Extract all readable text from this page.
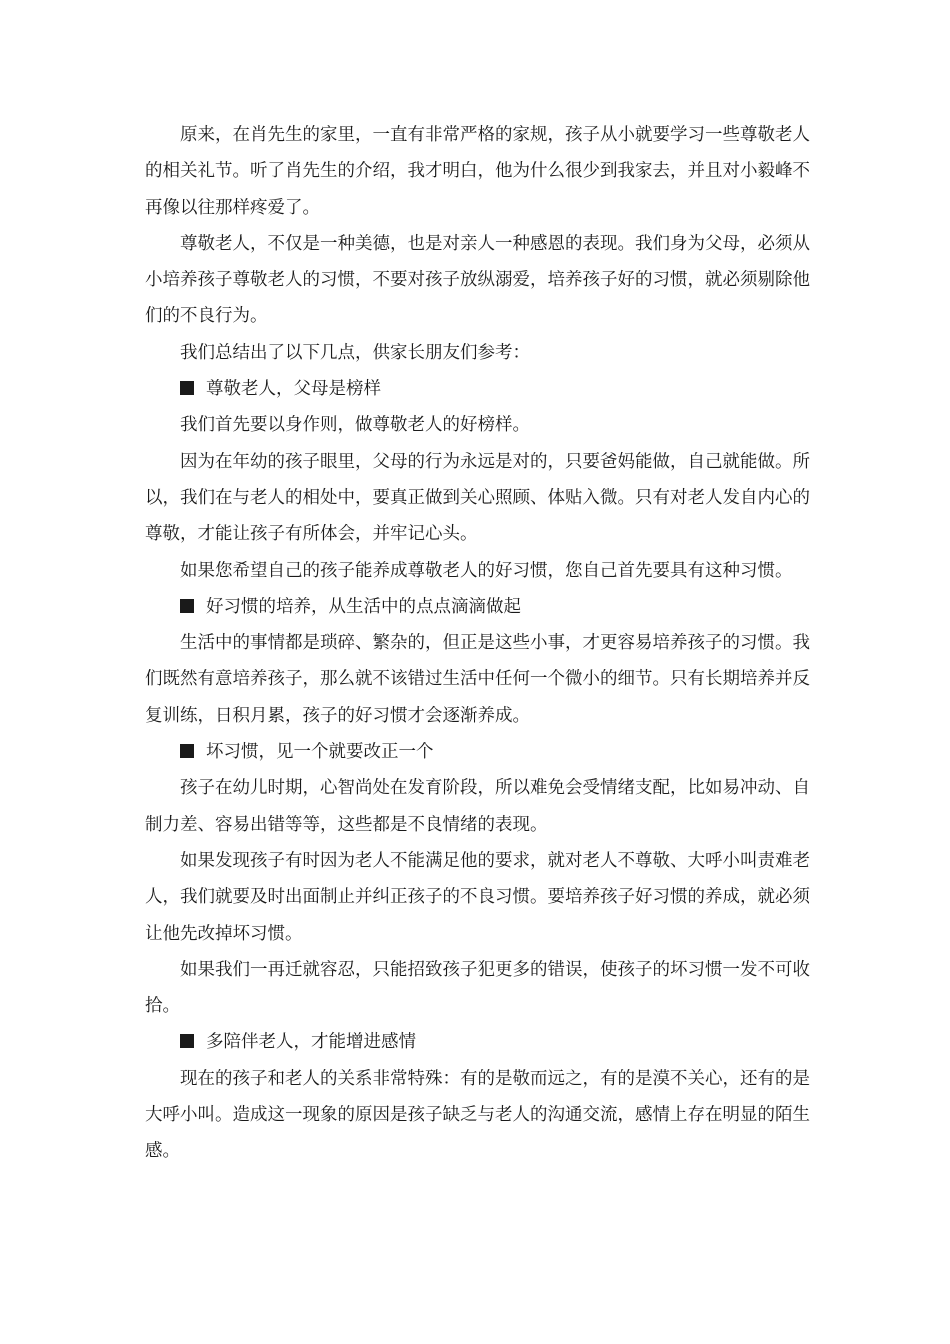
原来，在肖先生的家里，一直有非常严格的家规，孩子从小就要学习一些尊敬老人的相关礼节。听了肖先生的介绍，我才明白，他为什么很少到我家去，并且对小毅峰不再像以往那样疼爱了。

尊敬老人，不仅是一种美德，也是对亲人一种感恩的表现。我们身为父母，必须从小培养孩子尊敬老人的习惯，不要对孩子放纵溺爱，培养孩子好的习惯，就必须剔除他们的不良行为。

我们总结出了以下几点，供家长朋友们参考：

尊敬老人，父母是榜样

我们首先要以身作则，做尊敬老人的好榜样。

因为在年幼的孩子眼里，父母的行为永远是对的，只要爸妈能做，自己就能做。所以，我们在与老人的相处中，要真正做到关心照顾、体贴入微。只有对老人发自内心的尊敬，才能让孩子有所体会，并牢记心头。

如果您希望自己的孩子能养成尊敬老人的好习惯，您自己首先要具有这种习惯。

好习惯的培养，从生活中的点点滴滴做起

生活中的事情都是琐碎、繁杂的，但正是这些小事，才更容易培养孩子的习惯。我们既然有意培养孩子，那么就不该错过生活中任何一个微小的细节。只有长期培养并反复训练，日积月累，孩子的好习惯才会逐渐养成。

坏习惯，见一个就要改正一个

孩子在幼儿时期，心智尚处在发育阶段，所以难免会受情绪支配，比如易冲动、自制力差、容易出错等等，这些都是不良情绪的表现。

如果发现孩子有时因为老人不能满足他的要求，就对老人不尊敬、大呼小叫责难老人，我们就要及时出面制止并纠正孩子的不良习惯。要培养孩子好习惯的养成，就必须让他先改掉坏习惯。

如果我们一再迁就容忍，只能招致孩子犯更多的错误，使孩子的坏习惯一发不可收拾。

多陪伴老人，才能增进感情

现在的孩子和老人的关系非常特殊：有的是敬而远之，有的是漠不关心，还有的是大呼小叫。造成这一现象的原因是孩子缺乏与老人的沟通交流，感情上存在明显的陌生感。
